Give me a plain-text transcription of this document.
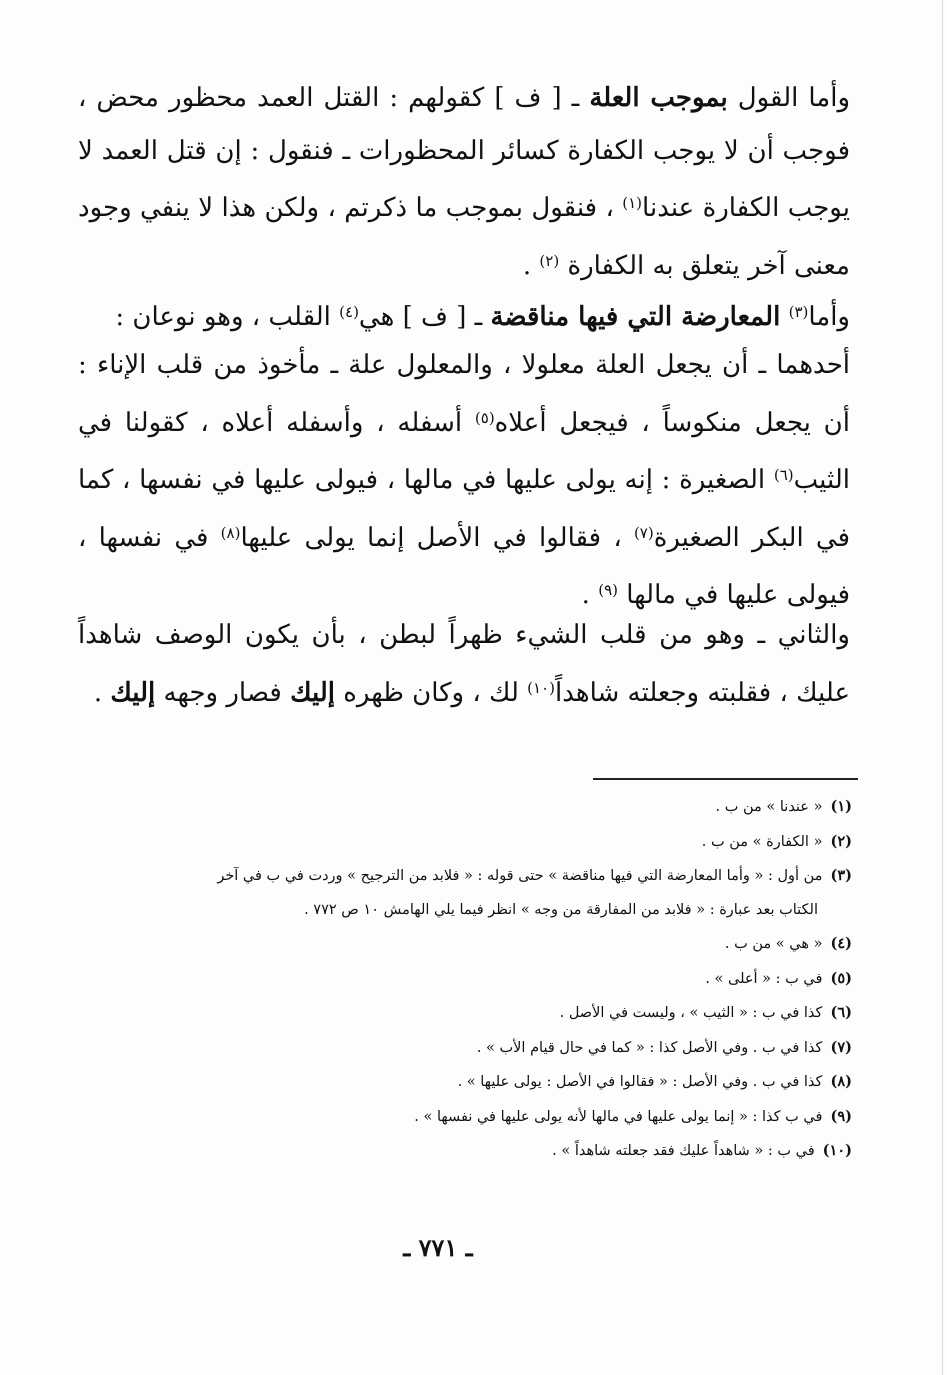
وأما القول بموجب العلة ـ [ ف ] كقولهم : القتل العمد محظور محض ، فوجب أن لا يوجب الكفارة كسائر المحظورات ـ فنقول : إن قتل العمد لا يوجب الكفارة عندنا$^{(١)}$ ، فنقول بموجب ما ذكرتم ، ولكن هذا لا ينفي وجود معنى آخر يتعلق به الكفارة $^{(٢)}$ .

وأما$^{(٣)}$ المعارضة التي فيها مناقضة ـ [ ف ] هي$^{(٤)}$ القلب ، وهو نوعان :

أحدهما ـ أن يجعل العلة معلولا ، والمعلول علة ـ مأخوذ من قلب الإناء : أن يجعل منكوساً ، فيجعل أعلاه$^{(٥)}$ أسفله ، وأسفله أعلاه ، كقولنا في الثيب$^{(٦)}$ الصغيرة : إنه يولى عليها في مالها ، فيولى عليها في نفسها ، كما في البكر الصغيرة$^{(٧)}$ ، فقالوا في الأصل إنما يولى عليها$^{(٨)}$ في نفسها ، فيولى عليها في مالها $^{(٩)}$ .

والثاني ـ وهو من قلب الشيء ظهراً لبطن ، بأن يكون الوصف شاهداً عليك ، فقلبته وجعلته شاهداً$^{(١٠)}$ لك ، وكان ظهره إليك فصار وجهه إليك .

(١)« عندنا » من ب .
(٢)« الكفارة » من ب .
(٣)من أول : « وأما المعارضة التي فيها مناقضة » حتى قوله : « فلابد من الترجيح » وردت في ب في آخر
الكتاب بعد عبارة : « فلابد من المفارقة من وجه » انظر فيما يلي الهامش ١٠ ص ٧٧٢ .
(٤)« هي » من ب .
(٥)في ب : « أعلى » .
(٦)كذا في ب : « الثيب » ، وليست في الأصل .
(٧)كذا في ب . وفي الأصل كذا : « كما في حال قيام الأب » .
(٨)كذا في ب . وفي الأصل : « فقالوا في الأصل : يولى عليها » .
(٩)في ب كذا : « إنما يولى عليها في مالها لأنه يولى عليها في نفسها » .
(١٠)في ب : « شاهداً عليك فقد جعلته شاهداً » .
ـ ٧٧١ ـ
